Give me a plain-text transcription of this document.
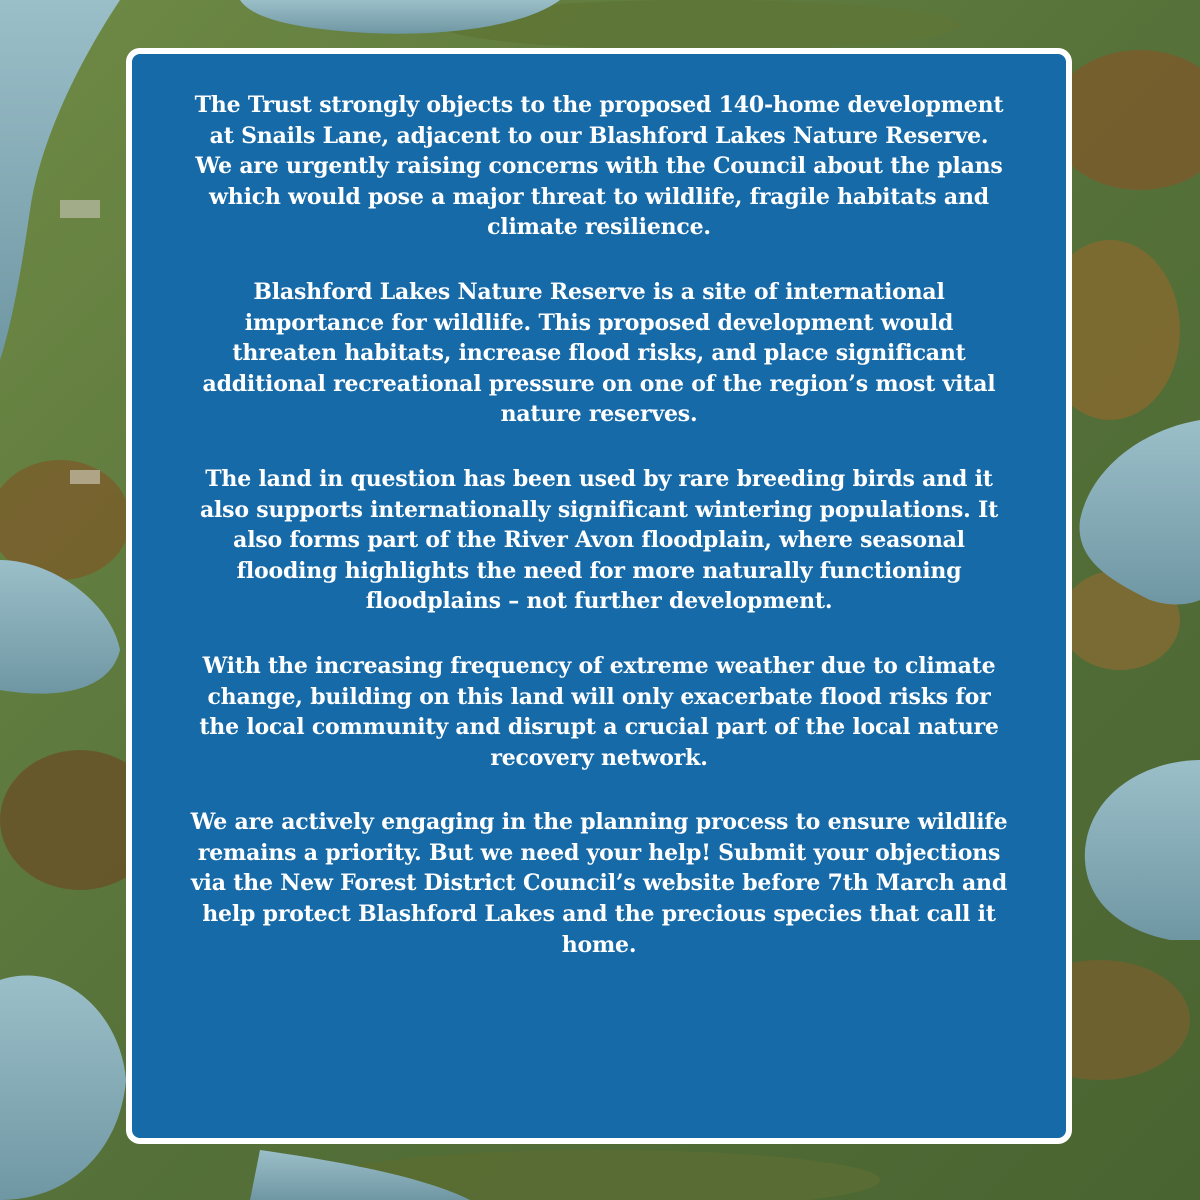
The Trust strongly objects to the proposed 140-home development at Snails Lane, adjacent to our Blashford Lakes Nature Reserve. We are urgently raising concerns with the Council about the plans which would pose a major threat to wildlife, fragile habitats and climate resilience.

Blashford Lakes Nature Reserve is a site of international importance for wildlife. This proposed development would threaten habitats, increase flood risks, and place significant additional recreational pressure on one of the region’s most vital nature reserves.

The land in question has been used by rare breeding birds and it also supports internationally significant wintering populations. It also forms part of the River Avon floodplain, where seasonal flooding highlights the need for more naturally functioning floodplains – not further development.

With the increasing frequency of extreme weather due to climate change, building on this land will only exacerbate flood risks for the local community and disrupt a crucial part of the local nature recovery network.

We are actively engaging in the planning process to ensure wildlife remains a priority. But we need your help! Submit your objections via the New Forest District Council’s website before 7th March and help protect Blashford Lakes and the precious species that call it home.
